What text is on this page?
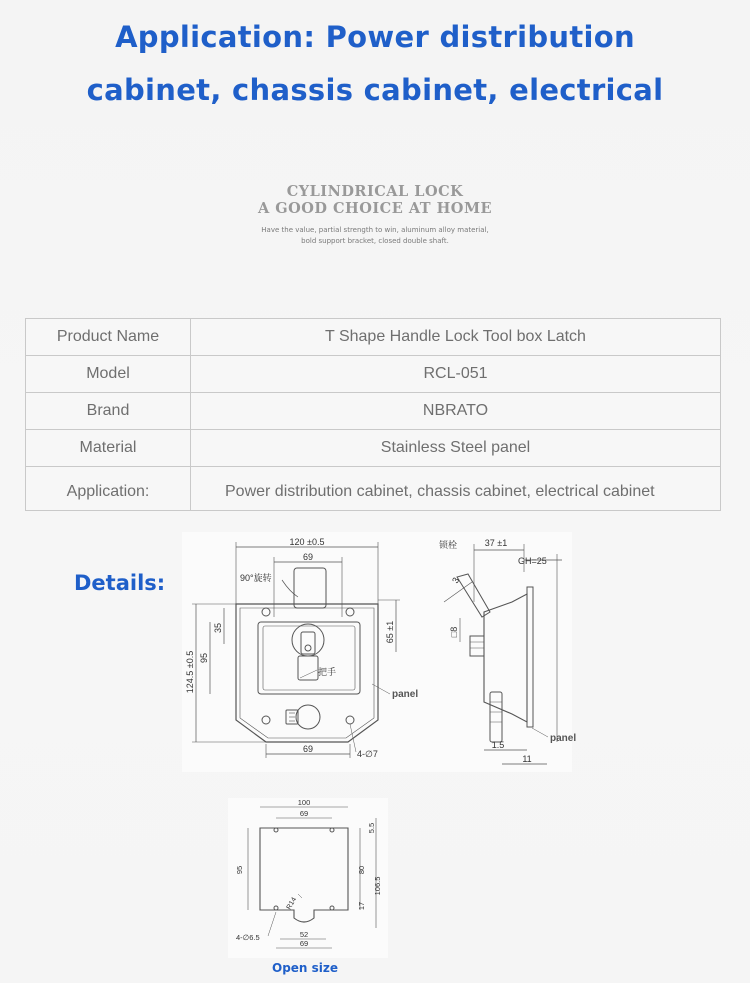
Application: Power distribution
cabinet, chassis cabinet, electrical

CYLINDRICAL LOCK

A GOOD CHOICE AT HOME

Have the value, partial strength to win, aluminum alloy material,

bold support bracket, closed double shaft.

Product Name	T Shape Handle Lock Tool box Latch
Model	RCL-051
Brand	NBRATO
Material	Stainless Steel panel
Application:	Power distribution cabinet, chassis cabinet, electrical cabinet

Details:

120 ±0.5
69
90°旋转
把手
65 ±1
124.5 ±0.5 95
35
69	4-∅7
panel
锁栓	37 ±1
GH=25
3
□8
1.5
11
panel
100
69
95
5.5
80
106.5
17
R14
4-∅6.5	52
69

Open size
